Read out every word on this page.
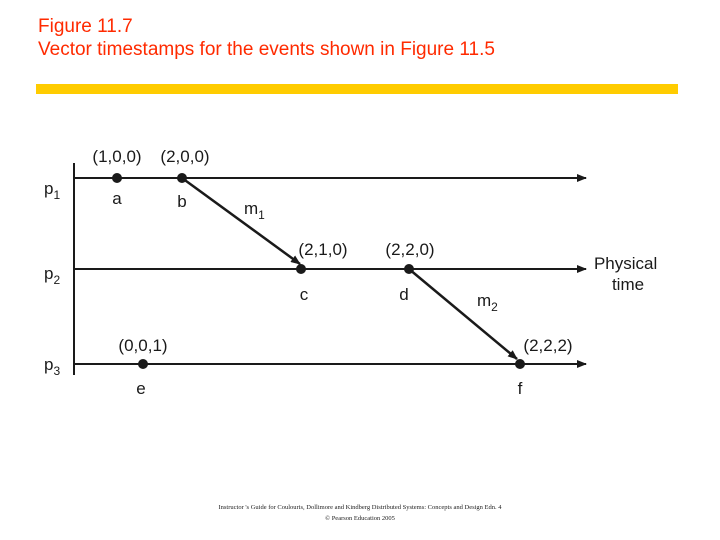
Figure 11.7
Vector timestamps for the events shown in Figure 11.5
$p_1$
$p_2$
$p_3$
Physical time
$m_1$
$m_2$
(1,0,0) (2,0,0)
(2,1,0) (2,2,0)
(0,0,1)	(2,2,2)
a	b
c	d
e	f
Instructor 's Guide for Coulouris, Dollimore and Kindberg Distributed Systems: Concepts and Design Edn. 4
© Pearson Education 2005
